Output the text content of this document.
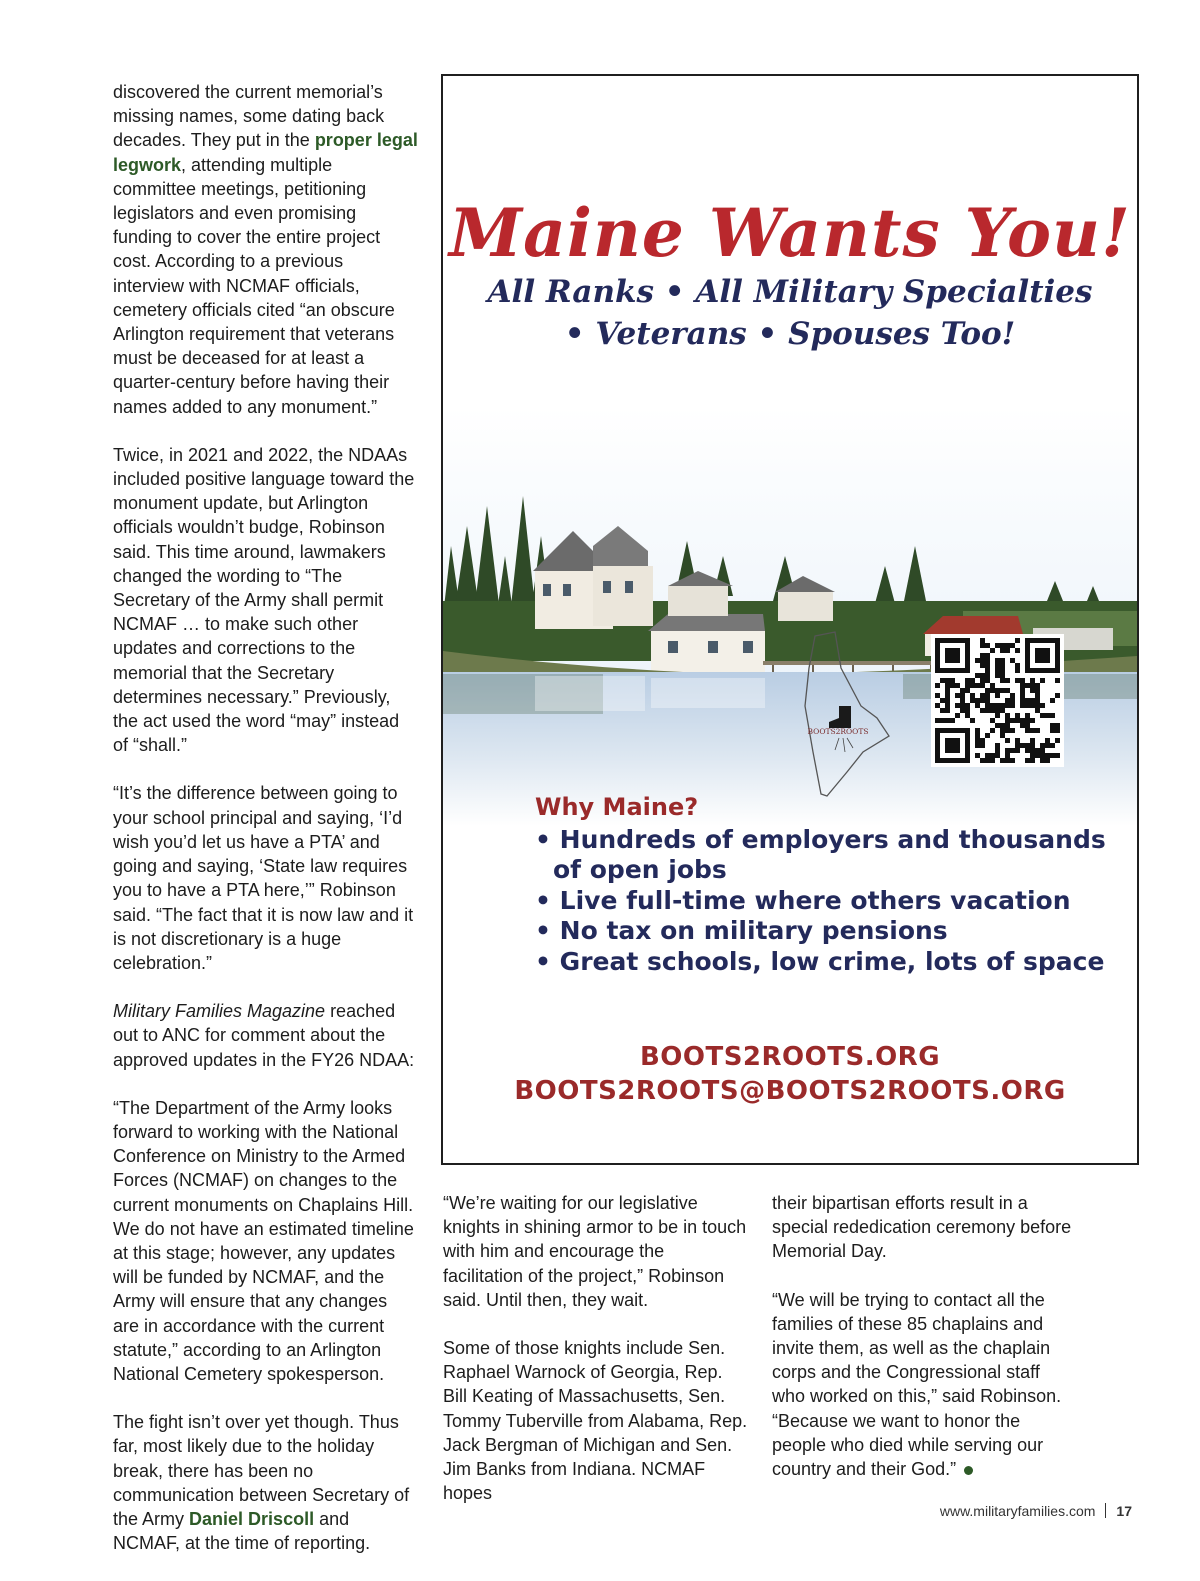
discovered the current memorial’s missing names, some dating back decades. They put in the proper legal legwork, attending multiple committee meetings, petitioning legislators and even promising funding to cover the entire project cost. According to a previous interview with NCMAF officials, cemetery officials cited “an obscure Arlington requirement that veterans must be deceased for at least a quarter-century before having their names added to any monument.”

Twice, in 2021 and 2022, the NDAAs included positive language toward the monument update, but Arlington officials wouldn’t budge, Robinson said. This time around, lawmakers changed the wording to “The Secretary of the Army shall permit NCMAF … to make such other updates and corrections to the memorial that the Secretary determines necessary.” Previously, the act used the word “may” instead of “shall.”

“It’s the difference between going to your school principal and saying, ‘I’d wish you’d let us have a PTA’ and going and saying, ‘State law requires you to have a PTA here,’” Robinson said. “The fact that it is now law and it is not discretionary is a huge celebration.”

Military Families Magazine reached out to ANC for comment about the approved updates in the FY26 NDAA:

“The Department of the Army looks forward to working with the National Conference on Ministry to the Armed Forces (NCMAF) on changes to the current monuments on Chaplains Hill. We do not have an estimated timeline at this stage; however, any updates will be funded by NCMAF, and the Army will ensure that any changes are in accordance with the current statute,” according to an Arlington National Cemetery spokesperson.

The fight isn’t over yet though. Thus far, most likely due to the holiday break, there has been no communication between Secretary of the Army Daniel Driscoll and NCMAF, at the time of reporting.

Maine Wants You!
All Ranks • All Military Specialties
• Veterans • Spouses Too!
BOOTS2ROOTS
Why Maine?
• Hundreds of employers and thousands of open jobs
• Live full-time where others vacation
• No tax on military pensions
• Great schools, low crime, lots of space
BOOTS2ROOTS.ORG
BOOTS2ROOTS@BOOTS2ROOTS.ORG

“We’re waiting for our legislative knights in shining armor to be in touch with him and encourage the facilitation of the project,” Robinson said. Until then, they wait.

Some of those knights include Sen. Raphael Warnock of Georgia, Rep. Bill Keating of Massachusetts, Sen. Tommy Tuberville from Alabama, Rep. Jack Bergman of Michigan and Sen. Jim Banks from Indiana. NCMAF hopes

their bipartisan efforts result in a special rededication ceremony before Memorial Day.

“We will be trying to contact all the families of these 85 chaplains and invite them, as well as the chaplain corps and the Congressional staff who worked on this,” said Robinson. “Because we want to honor the people who died while serving our country and their God.”

www.militaryfamilies.com 17
